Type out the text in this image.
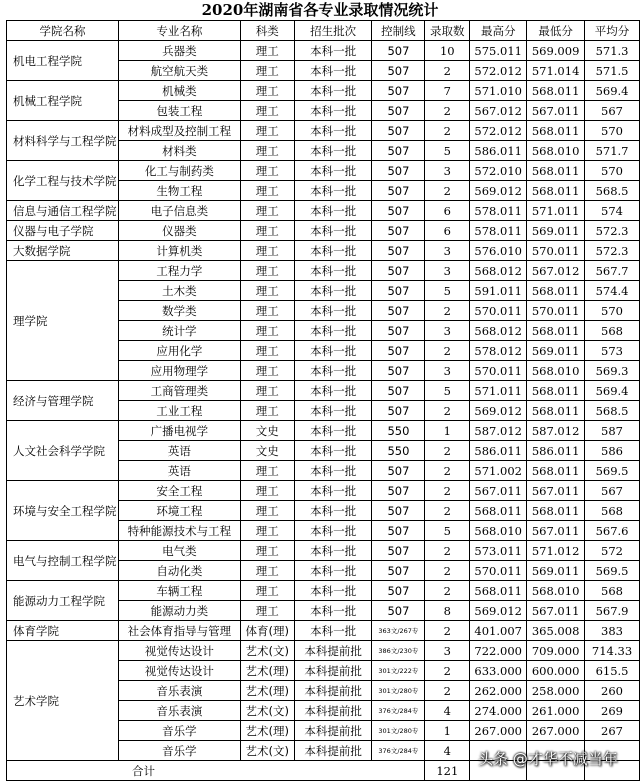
2020年湖南省各专业录取情况统计
学院名称	专业名称	科类	招生批次	控制线	录取数	最高分	最低分	平均分
机电工程学院	兵器类	理工	本科一批	507	10	575.011	569.009	571.3
	航空航天类	理工	本科一批	507	2	572.012	571.014	571.5
机械工程学院	机械类	理工	本科一批	507	7	571.010	568.011	569.4
	包装工程	理工	本科一批	507	2	567.012	567.011	567
材料科学与工程学院	材料成型及控制工程	理工	本科一批	507	2	572.012	568.011	570
	材料类	理工	本科一批	507	5	586.011	568.010	571.7
化学工程与技术学院	化工与制药类	理工	本科一批	507	3	572.010	568.011	570
	生物工程	理工	本科一批	507	2	569.012	568.011	568.5
信息与通信工程学院	电子信息类	理工	本科一批	507	6	578.011	571.011	574
仪器与电子学院	仪器类	理工	本科一批	507	6	578.011	569.011	572.3
大数据学院	计算机类	理工	本科一批	507	3	576.010	570.011	572.3
理学院	工程力学	理工	本科一批	507	3	568.012	567.012	567.7
	土木类	理工	本科一批	507	5	591.011	568.011	574.4
	数学类	理工	本科一批	507	2	570.011	570.011	570
	统计学	理工	本科一批	507	3	568.012	568.011	568
	应用化学	理工	本科一批	507	2	578.012	569.011	573
	应用物理学	理工	本科一批	507	3	570.011	568.010	569.3
经济与管理学院	工商管理类	理工	本科一批	507	5	571.011	568.011	569.4
	工业工程	理工	本科一批	507	2	569.012	568.011	568.5
人文社会科学学院	广播电视学	文史	本科一批	550	1	587.012	587.012	587
	英语	文史	本科一批	550	2	586.011	586.011	586
	英语	理工	本科一批	507	2	571.002	568.011	569.5
环境与安全工程学院	安全工程	理工	本科一批	507	2	567.011	567.011	567
	环境工程	理工	本科一批	507	2	568.011	568.011	568
	特种能源技术与工程	理工	本科一批	507	5	568.010	567.011	567.6
电气与控制工程学院	电气类	理工	本科一批	507	2	573.011	571.012	572
	自动化类	理工	本科一批	507	2	570.011	569.011	569.5
能源动力工程学院	车辆工程	理工	本科一批	507	2	568.011	568.010	568
	能源动力类	理工	本科一批	507	8	569.012	567.011	567.9
体育学院	社会体育指导与管理	体育(理)	本科一批	363文/267专	2	401.007	365.008	383
艺术学院	视觉传达设计	艺术(文)	本科提前批	386文/230专	3	722.000	709.000	714.33
	视觉传达设计	艺术(理)	本科提前批	301文/222专	2	633.000	600.000	615.5
	音乐表演	艺术(理)	本科提前批	301文/280专	2	262.000	258.000	260
	音乐表演	艺术(文)	本科提前批	376文/284专	4	274.000	261.000	269
	音乐学	艺术(理)	本科提前批	301文/280专	1	267.000	267.000	267
	音乐学	艺术(文)	本科提前批	376文/284专	4			
合计					121			
头条 @才华不减当年
